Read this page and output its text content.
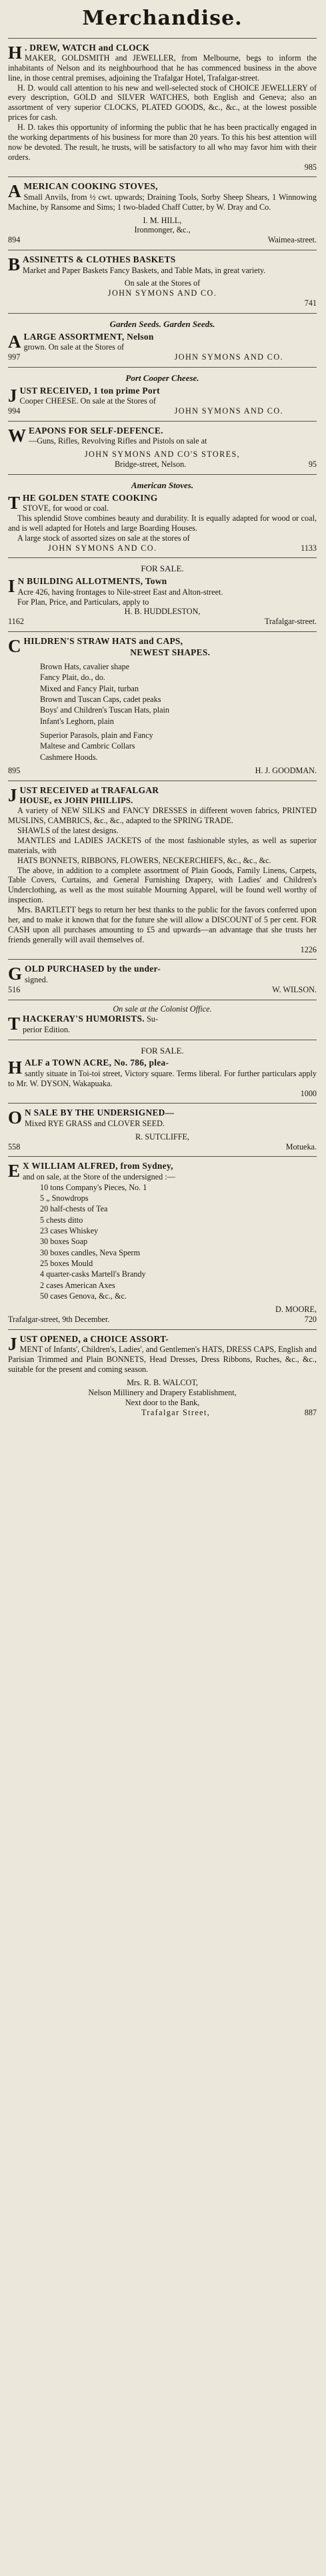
Merchandise.
H . DREW, WATCH and CLOCK
MAKER, GOLDSMITH and JEWELLER, from Melbourne, begs to inform the inhabitants of Nelson and its neighbourhood that he has commenced business in the above line, in those central premises, adjoining the Trafalgar Hotel, Trafalgar-street.
H. D. would call attention to his new and well-selected stock of CHOICE JEWELLERY of every description, GOLD and SILVER WATCHES, both English and Geneva; also an assortment of very superior CLOCKS, PLATED GOODS, &c., &c., at the lowest possible prices for cash.
H. D. takes this opportunity of informing the public that he has been practically engaged in the working departments of his business for more than 20 years. To this his best attention will now be devoted. The result, he trusts, will be satisfactory to all who may favor him with their orders.
985
A MERICAN COOKING STOVES,
Small Anvils, from ½ cwt. upwards; Draining Tools, Sorby Sheep Shears, 1 Winnowing Machine, by Ransome and Sims; 1 two-bladed Chaff Cutter, by W. Dray and Co.
I. M. HILL,
Ironmonger, &c.,
894	Waimea-street.
B ASSINETTS & CLOTHES BASKETS
Market and Paper Baskets Fancy Baskets, and Table Mats, in great variety.
On sale at the Stores of
JOHN SYMONS AND CO.
741
Garden Seeds. Garden Seeds.
A LARGE ASSORTMENT, Nelson
grown. On sale at the Stores of
997	JOHN SYMONS AND CO.
Port Cooper Cheese.
J UST RECEIVED, 1 ton prime Port
Cooper CHEESE. On sale at the Stores of
994	JOHN SYMONS AND CO.
W EAPONS FOR SELF-DEFENCE.
—Guns, Rifles, Revolving Rifles and Pistols on sale at
JOHN SYMONS AND CO'S STORES,
Bridge-street, Nelson.	95
American Stoves.
T HE GOLDEN STATE COOKING
STOVE, for wood or coal.
This splendid Stove combines beauty and durability. It is equally adapted for wood or coal, and is well adapted for Hotels and large Boarding Houses.
A large stock of assorted sizes on sale at the stores of
JOHN SYMONS AND CO.	1133
FOR SALE.
I N BUILDING ALLOTMENTS, Town
Acre 426, having frontages to Nile-street East and Alton-street.
For Plan, Price, and Particulars, apply to
H. B. HUDDLESTON,
1162	Trafalgar-street.
C HILDREN'S STRAW HATS and CAPS,
NEWEST SHAPES.
Brown Hats, cavalier shape
Fancy Plait, do., do.
Mixed and Fancy Plait, turban
Brown and Tuscan Caps, cadet peaks
Boys' and Children's Tuscan Hats, plain
Infant's Leghorn, plain
Superior Parasols, plain and Fancy
Maltese and Cambric Collars
Cashmere Hoods.
895	H. J. GOODMAN.
J UST RECEIVED at TRAFALGAR
HOUSE, ex JOHN PHILLIPS.
A variety of NEW SILKS and FANCY DRESSES in different woven fabrics, PRINTED MUSLINS, CAMBRICS, &c., &c., adapted to the SPRING TRADE.
SHAWLS of the latest designs.
MANTLES and LADIES JACKETS of the most fashionable styles, as well as superior materials, with
HATS BONNETS, RIBBONS, FLOWERS, NECKERCHIEFS, &c., &c., &c.
The above, in addition to a complete assortment of Plain Goods, Family Linens, Carpets, Table Covers, Curtains, and General Furnishing Drapery, with Ladies' and Children's Underclothing, as well as the most suitable Mourning Apparel, will be found well worthy of inspection.
Mrs. BARTLETT begs to return her best thanks to the public for the favors conferred upon her, and to make it known that for the future she will allow a DISCOUNT of 5 per cent. FOR CASH upon all purchases amounting to £5 and upwards—an advantage that she trusts her friends generally will avail themselves of.
1226
G OLD PURCHASED by the under-
signed.
516	W. WILSON.
On sale at the Colonist Office.
T HACKERAY'S HUMORISTS. Su-
perior Edition.
FOR SALE.
H ALF a TOWN ACRE, No. 786, plea-
santly situate in Toi-toi street, Victory square. Terms liberal. For further particulars apply to Mr. W. DYSON, Wakapuaka.
1000
O N SALE BY THE UNDERSIGNED—
Mixed RYE GRASS and CLOVER SEED.
R. SUTCLIFFE,
558	Motueka.
E X WILLIAM ALFRED, from Sydney,
and on sale, at the Store of the undersigned :—
10 tons Company's Pieces, No. 1
5 „ Snowdrops
20 half-chests of Tea
5 chests ditto
23 cases Whiskey
30 boxes Soap
30 boxes candles, Neva Sperm
25 boxes Mould
4 quarter-casks Martell's Brandy
2 cases American Axes
50 cases Genova, &c., &c.
D. MOORE,
Trafalgar-street, 9th December.	720
J UST OPENED, a CHOICE ASSORT-
MENT of Infants', Children's, Ladies', and Gentlemen's HATS, DRESS CAPS, English and Parisian Trimmed and Plain BONNETS, Head Dresses, Dress Ribbons, Ruches, &c., &c., suitable for the present and coming season.
Mrs. R. B. WALCOT,
Nelson Millinery and Drapery Establishment,
Next door to the Bank,
Trafalgar Street,	887
